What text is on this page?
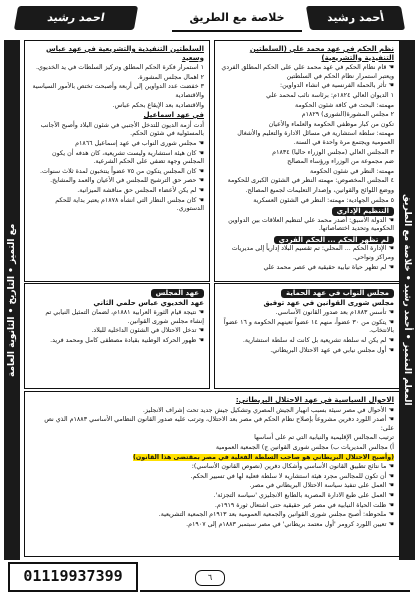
احمد رشيد	خلاصة مع الطريق	أحمد رشيد
المعلم المتميز • أحمد رشيد • خلاصة مع الطريق
مع التميز • التاريخ • الثانوية العامة

نظم الحكم في عهد محمد علي (السلطتين التنفيذية والتشريعية)

☚ قام نظام الحكم في عهد محمد علي على الحكم المطلق الفردي ويعتبر استمرار نظام الحكم في السلطتين

☚ تأثر بالحملة الفرنسية في انشاء الدواوين:

١ الديوان العالي ١٨٢٤م: برئاسة نائب لمحمد علي

مهمته: البحث في كافة شئون الحكومة

٢ مجلس المشورة(الشورى) ١٨٢٩م

تكون من كبار موظفي الحكومة والعلماء والأعيان

مهمته: سلطة استشارية في مسائل الادارة والتعليم والأشغال العمومية ويجتمع مرة واحدة في السنة.

٣ المجلس العالي (مجلس الوزراء حاليا) ١٨٣٤م

ضم مجموعة من الوزراء ورؤساء المصالح

مهمته: النظر في شئون الحكومة

٤ المجلس المخصوص: مهمته النظر في الشئون الكبرى للحكومة

ووضع اللوائح والقوانين، وإصدار التعليمات لجميع المصالح.

٥ مجلس الجهادية: مهمته: النظر في الشئون العسكرية

التنظيم الإداري

☚ الدولة الأسبق: أصدر محمد علي لتنظيم العلاقات بين الدواوين الحكومية وتحديد اختصاصاتها.

لم تظهر الحكم ... الحكم الفردي

☚ الإدارة الحكم ... المحلي: تم تقسيم البلاد إدارياً إلى مديريات ومراكز ونواحي.

☚ لم تظهر حياة نيابية حقيقية في عصر محمد علي

السلطتين التنفيذية والتشريعية في عهد عباس وسعيد

١ استمرار فكرة الحكم المطلق وتركيز السلطات في يد الخديوي.

٢ اهمال مجلس المشورة.

٣ خفضت عدد الدواوين إلى أربعة وأصبحت تختص بالأمور السياسية والاقتصادية

والاقتصادية بعد الإيقاع بحكم عباس.

في عهد اسماعيل

أدت أزمة الديون للتدخل الأجنبي في شئون البلاد وأصبح الأجانب بالمسئولية في شئون الحكم.

☚ مجلس شورى النواب في عهد إسماعيل ١٨٦٦م

☚ كان هيئة استشارية وليست تشريعية، كان هدفه أن يكون المجلس وجهة تضفي على الحكم الشرعية.

☚ كان المجلس يتكون من ٧٥ عضواً ينتخبون لمدة ثلاث سنوات.

☚ حصر حق الترشيح للمجلس في الأعيان والعمد والمشايخ.

☚ لم يكن لأعضاء المجلس حق مناقشة الميزانية.

☚ كان مجلس النظار التي انشأه ١٨٧٨م يعتبر بداية للحكم الدستوري.

مجلس النواب في عهد الحماية

مجلس شورى القوانين في عهد توفيق

☚ تأسس ١٨٨٣م بعد صدور القانون الأساسي.

☚ يتكون من ٣٠ عضواً، منهم ١٤ عضواً تعينهم الحكومة و ١٦ عضواً بالانتخاب.

☚ لم يكن له سلطة تشريعية بل كانت له سلطة استشارية.

☚ أول مجلس نيابي في عهد الاحتلال البريطاني.

عهد المجلس

عهد الخديوي عباس حلمي الثاني

☚ نتيجة قيام الثورة العرابية ١٨٨١م، لضمان التمثيل النيابي تم إنشاء مجلس شورى القوانين.

☚ تدخل الاحتلال في الشئون الداخلية للبلاد.

☚ ظهور الحركة الوطنية بقيادة مصطفى كامل ومحمد فريد.

الاحوال السياسية في عهد الاحتلال البريطاني:

☚ الأحوال في مصر سيئة بسبب انهيار الجيش المصري وتشكيل جيش جديد تحت إشراف الانجليز.

☚ أصدر اللورد دفرين مشروعاً بإصلاح نظام الحكم في مصر بعد الاحتلال، وترتب عليه صدور القانون النظامي الأساسي ١٨٨٣م الذي نص على:

ترتيب المجالس الإقليمية والنيابية التي تم على أساسها

أ) مجالس المديريات ب) مجلس شورى القوانين ج) الجمعية العمومية

(وأصبح الاحتلال البريطاني هو صاحب السلطة الفعلية في مصر بمقتضى هذا القانون)

☚ ما نتائج تطبيق القانون الأساسي وأشكال دفرين (نصوص القانون الأساسي):

☚ أن تكون للمجالس مجرد هيئة استشارية لا سلطة فعلية لها في تسيير الحكم.

☚ العمل على تنفيذ سياسة الاحتلال البريطاني في مصر.

☚ العمل على طبع الادارة المصرية بالطابع الانجليزي 'سياسة التجزئة'.

☚ ظلت الحياة النيابية في مصر غير حقيقية حتى اشتعال ثورة ١٩١٩م.

☚ ملحوظة: أصبح مجلس شورى القوانين والجمعية العمومية بعد ١٩١٣م الجمعية التشريعية.

☚ تعيين اللورد كرومر 'أول معتمد بريطاني' في مصر سبتمبر ١٨٨٣م إلى ١٩٠٧م.

01119937399	٦
